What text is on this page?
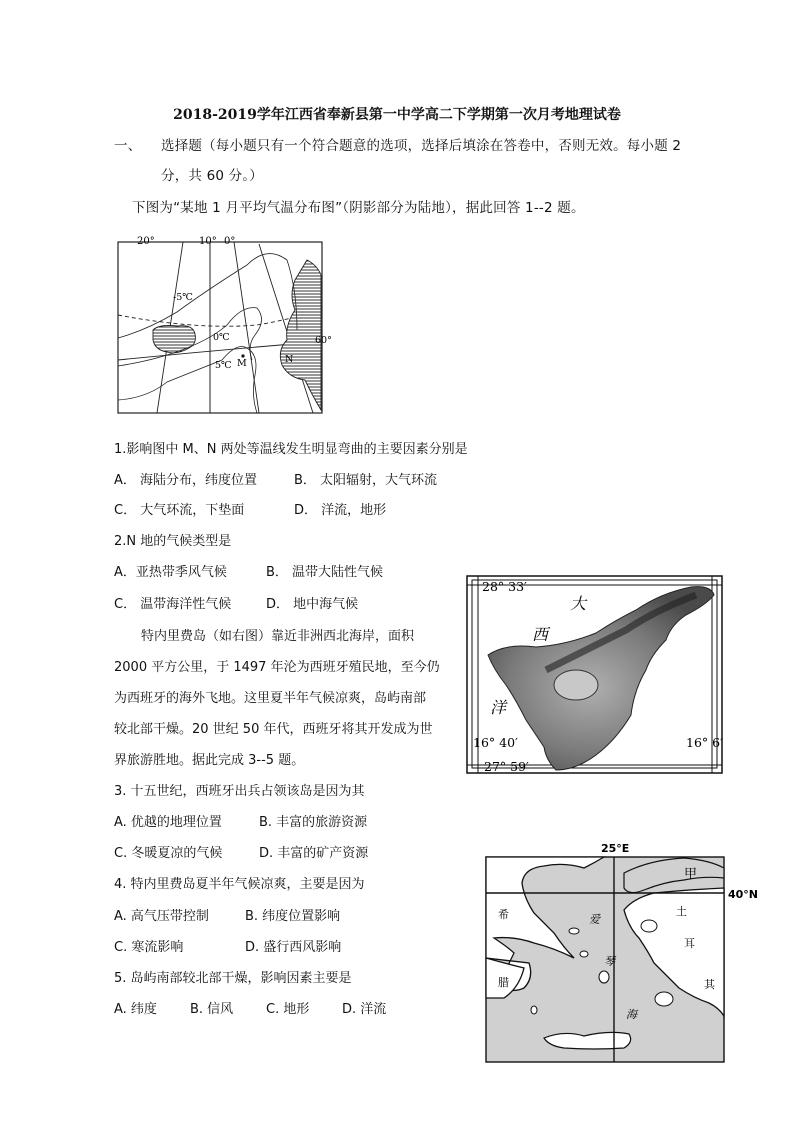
2018-2019学年江西省奉新县第一中学高二下学期第一次月考地理试卷
一、 选择题（每小题只有一个符合题意的选项，选择后填涂在答卷中，否则无效。每小题 2
分，共 60 分。）
下图为“某地 1 月平均气温分布图”（阴影部分为陆地），据此回答 1--2 题。
20°	10° 0°
-5℃
0℃
5℃ M	N
60°
1.影响图中 M、N 两处等温线发生明显弯曲的主要因素分别是
A． 海陆分布，纬度位置	B． 太阳辐射，大气环流
C． 大气环流，下垫面	D． 洋流，地形
2.N 地的气候类型是
A．亚热带季风气候	B． 温带大陆性气候
C． 温带海洋性气候	D． 地中海气候
特内里费岛（如右图）靠近非洲西北海岸，面积
2000 平方公里，于 1497 年沦为西班牙殖民地，至今仍
为西班牙的海外飞地。这里夏半年气候凉爽，岛屿南部
较北部干燥。20 世纪 50 年代，西班牙将其开发成为世
界旅游胜地。据此完成 3--5 题。
28° 33′
大
西
洋
16° 40′	16° 6′
27° 59′
3. 十五世纪，西班牙出兵占领该岛是因为其
A. 优越的地理位置	B. 丰富的旅游资源
C. 冬暖夏凉的气候	D. 丰富的矿产资源
4. 特内里费岛夏半年气候凉爽，主要是因为
A. 高气压带控制	B. 纬度位置影响
C. 寒流影响	D. 盛行西风影响
5. 岛屿南部较北部干燥，影响因素主要是
A. 纬度	B. 信风	C. 地形	D. 洋流
25°E
40°N
甲
希
腊
土
耳
其
爱
琴
海
